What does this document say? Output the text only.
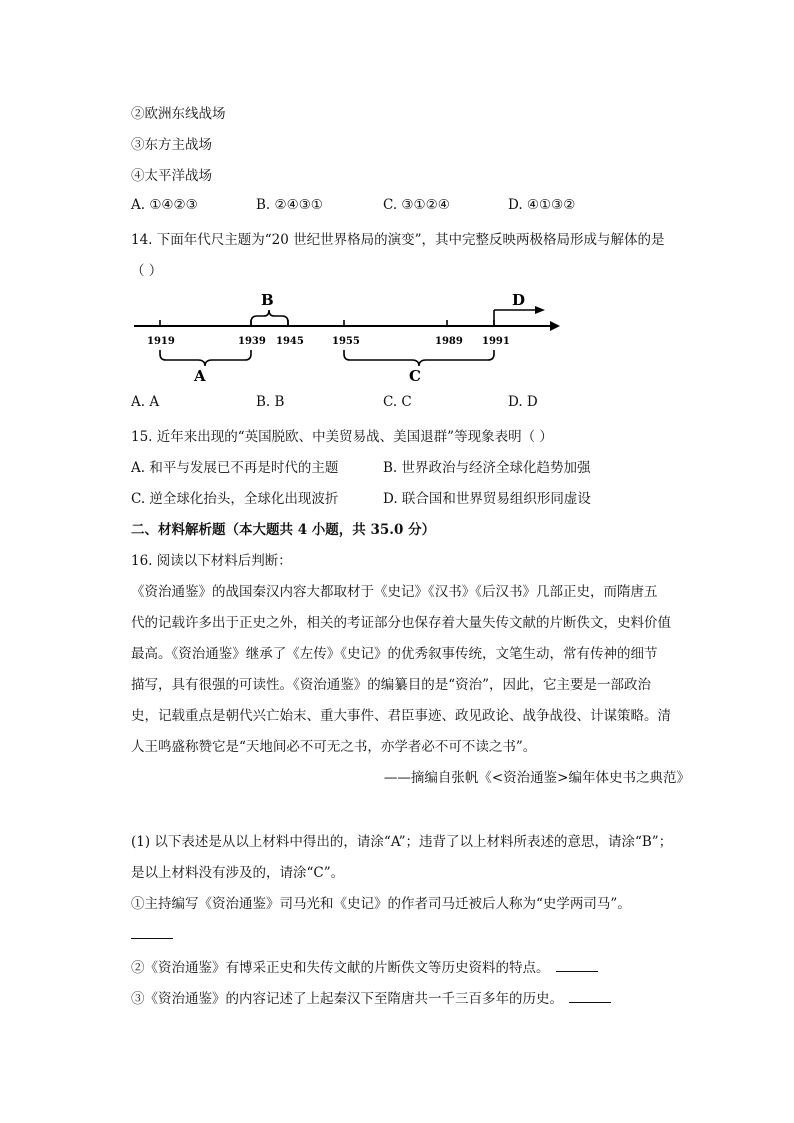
②欧洲东线战场
③东方主战场
④太平洋战场
A. ①④②③	B. ②④③①	C. ③①②④	D. ④①③②
14. 下面年代尺主题为“20 世纪世界格局的演变”，其中完整反映两极格局形成与解体的是
（ ）
1919	1939 1945	1955	1989 1991
B	D
A	C
A. A	B. B	C. C	D. D
15. 近年来出现的“英国脱欧、中美贸易战、美国退群”等现象表明（ ）
A. 和平与发展已不再是时代的主题	B. 世界政治与经济全球化趋势加强
C. 逆全球化抬头，全球化出现波折	D. 联合国和世界贸易组织形同虚设
二、材料解析题（本大题共 4 小题，共 35.0 分）
16. 阅读以下材料后判断：
《资治通鉴》的战国秦汉内容大都取材于《史记》《汉书》《后汉书》几部正史，而隋唐五
代的记载许多出于正史之外，相关的考证部分也保存着大量失传文献的片断佚文，史料价值
最高。《资治通鉴》继承了《左传》《史记》的优秀叙事传统，文笔生动，常有传神的细节
描写，具有很强的可读性。《资治通鉴》的编纂目的是“资治”，因此，它主要是一部政治
史，记载重点是朝代兴亡始末、重大事件、君臣事迹、政见政论、战争战役、计谋策略。清
人王鸣盛称赞它是“天地间必不可无之书，亦学者必不可不读之书”。
——摘编自张帆《<资治通鉴>编年体史书之典范》
(1) 以下表述是从以上材料中得出的，请涂“A”；违背了以上材料所表述的意思，请涂“B”；
是以上材料没有涉及的，请涂“C”。
①主持编写《资治通鉴》司马光和《史记》的作者司马迁被后人称为“史学两司马”。
②《资治通鉴》有博采正史和失传文献的片断佚文等历史资料的特点。
③《资治通鉴》的内容记述了上起秦汉下至隋唐共一千三百多年的历史。
